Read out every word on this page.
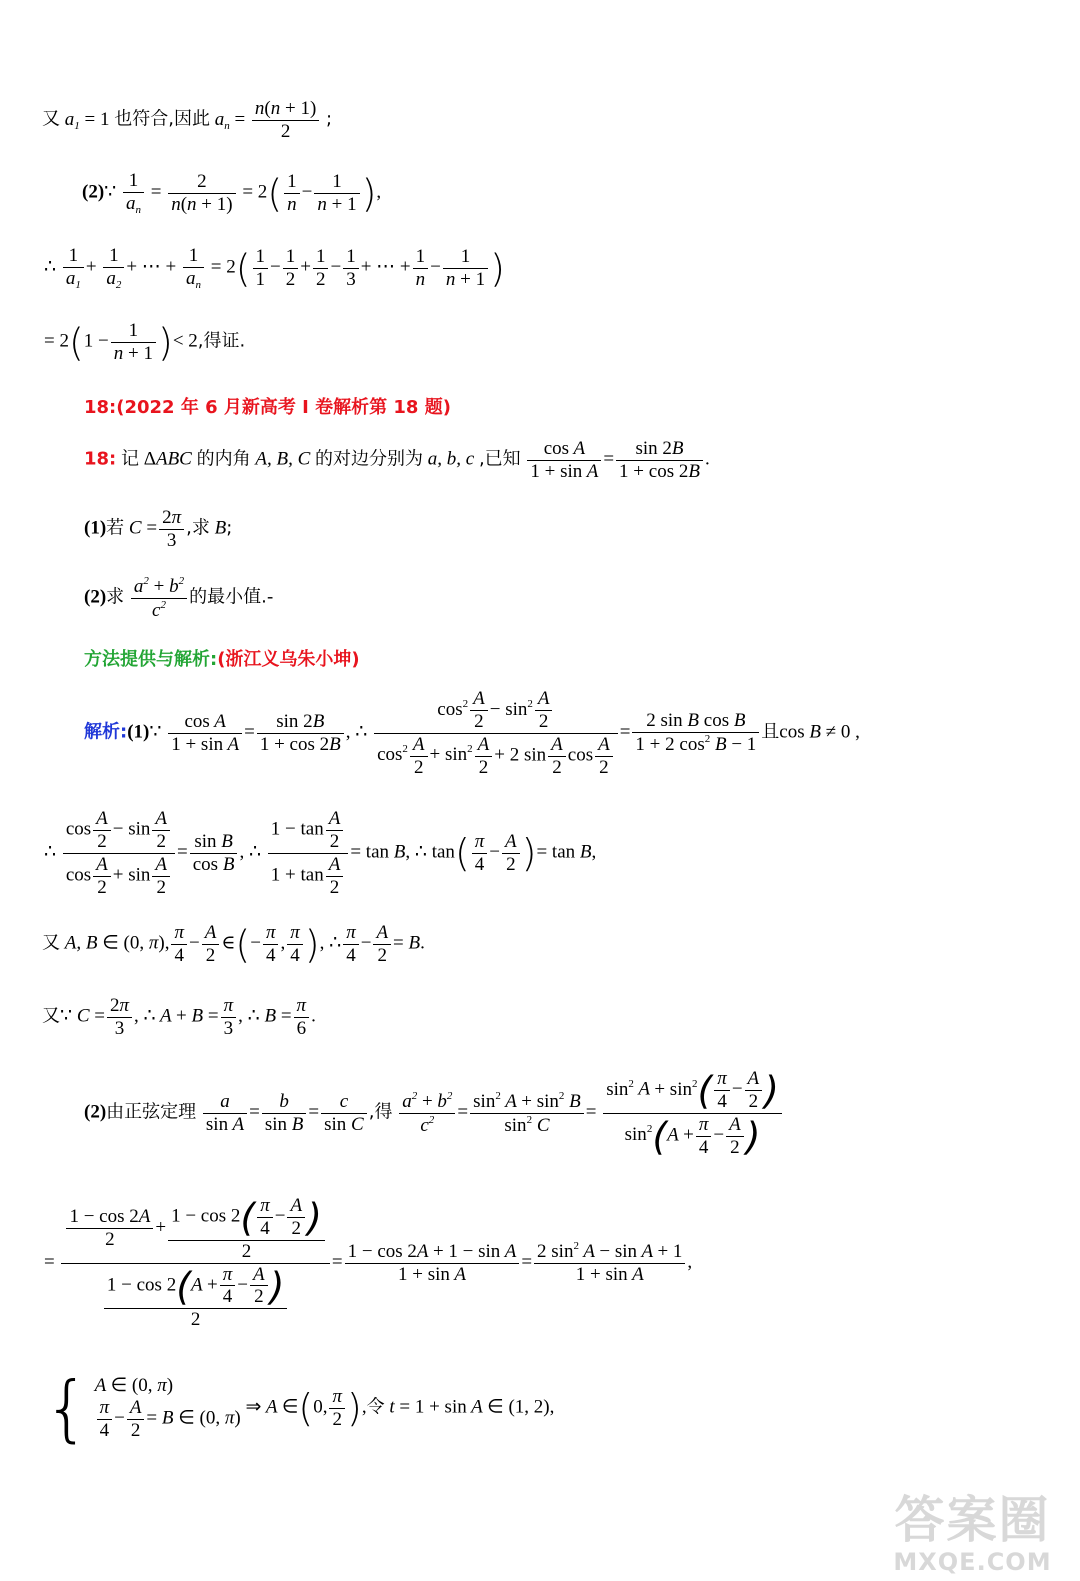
又 $a_1 = 1$ 也符合,因此 $a_n = \frac{n(n + 1)}{2}$ ;
(2)∵ $\frac{1}{a_n} = \frac{2}{n(n + 1)} = 2( \frac{1}{n} - \frac{1}{n + 1}$ ),
∴ $\frac{1}{a_1} + \frac{1}{a_2}$ + ⋯ + $\frac{1}{a_n} = 2( \frac{1}{1} - \frac{1}{2} + \frac{1}{2} - \frac{1}{3}$ + ⋯ + $\frac{1}{n} - \frac{1}{n + 1}$ )
= $2(1 - \frac{1}{n + 1}$ )< 2,得证.
18:(2022 年 6 月新高考 I 卷解析第 18 题)
18: 记 ΔABC 的内角 A, B, C 的对边分别为 a, b, c ,已知 $\frac{\text{cos A}}{\text{1 + sin A}} = \frac{\sin 2B}{1 + \cos 2B}$ .
(1)若 $C = \frac{2\pi}{3}$ ,求 B;
(2)求 $\frac{a^2 + b^2}{c^2}$ 的最小值.-
方法提供与解析:(浙江义乌朱小坤)
解析:(1)∵ $\frac{\text{cos A}}{\text{1 + sin A}} = \frac{\sin 2B}{1 + \cos 2B}$ , ∴ $\frac{\cos^2 \frac{A}{2} - \sin^2 \frac{A}{2}}{\cos^2 \frac{A}{2} + \sin^2 \frac{A}{2} + 2 \sin \frac{A}{2} \cos \frac{A}{2}} = \frac{\text{2 sin B cos B}}{1 + 2 \cos^2 B - 1}$ 且cos B ≠ 0 ,
∴ $\frac{\cos \frac{A}{2} - \sin \frac{A}{2}}{\cos \frac{A}{2} + \sin \frac{A}{2}} = \frac{\text{sin B}}{\text{cos B}}$ , ∴ $\frac{1 - \tan \frac{A}{2}}{1 + \tan \frac{A}{2}} = \tan B$, ∴ $\tan( \frac{\pi}{4} - \frac{A}{2}$ )= tan B,
又 A, B ∈ (0, π), $\frac{\pi}{4} - \frac{A}{2}$ ∈(− $\frac{\pi}{4}$ , $\frac{\pi}{4}$ ), ∴ $\frac{\pi}{4} - \frac{A}{2} = B$.
又∵ $C = \frac{2\pi}{3}$ , ∴ $A + B = \frac{\pi}{3}$ , ∴ $B = \frac{\pi}{6}$ .
(2)由正弦定理 $\frac{a}{\text{sin A}} = \frac{b}{\text{sin B}} = \frac{c}{\text{sin C}}$ ,得 $\frac{a^2 + b^2}{c^2} = \frac{\sin^2 A + \sin^2 B}{\sin^2 C} = \frac{\sin^2 A + \sin^2( \frac{\pi}{4} - \frac{A}{2} )}{\sin^2(A + \frac{\pi}{4} - \frac{A}{2} )}$
= $\frac{\frac{1 - \cos 2A}{2} + \frac{1 - \cos 2( \frac{\pi}{4} - \frac{A}{2} )}{2}}{\frac{1 - \cos 2(A + \frac{\pi}{4} - \frac{A}{2} )}{2}} = \frac{\text{1 − cos 2A + 1 − sin A}}{\text{1 + sin A}} = \frac{2 \sin^2 A - \sin A + 1}{\text{1 + sin A}}$ ,
{ A ∈ (0, π)
$\frac{\pi}{4} - \frac{A}{2} = B$ ∈ (0, π)
⇒ A ∈(0, $\frac{\pi}{2}$ ),令 t = 1 + sin A ∈ (1, 2),
答案圈
MXQE.COM
